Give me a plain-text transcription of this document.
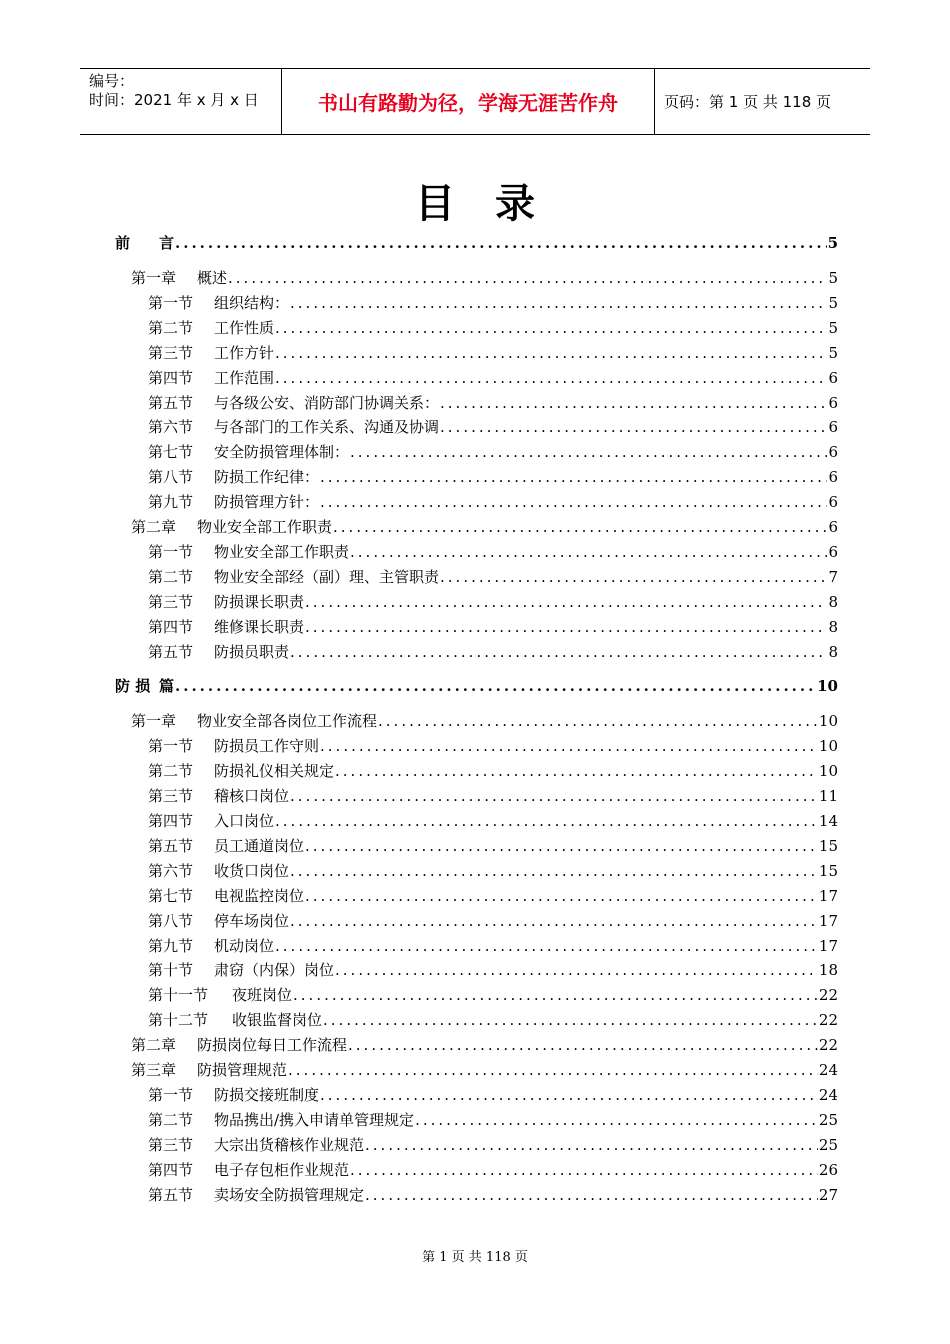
编号：
时间：2021 年 x 月 x 日	书山有路勤为径，学海无涯苦作舟	页码：第 1 页 共 118 页
目录
前 言 .....	5
第一章 概述 .....	5
第一节 组织结构： .....	5
第二节 工作性质 .....	5
第三节 工作方针 .....	5
第四节 工作范围 .....	6
第五节 与各级公安、消防部门协调关系： .....	6
第六节 与各部门的工作关系、沟通及协调 .....	6
第七节 安全防损管理体制： .....	6
第八节 防损工作纪律： .....	6
第九节 防损管理方针： .....	6
第二章 物业安全部工作职责 .....	6
第一节 物业安全部工作职责 .....	6
第二节 物业安全部经（副）理、主管职责 .....	7
第三节 防损课长职责 .....	8
第四节 维修课长职责 .....	8
第五节 防损员职责 .....	8
防 损 篇 .....	10
第一章 物业安全部各岗位工作流程 .....	10
第一节 防损员工作守则 .....	10
第二节 防损礼仪相关规定 .....	10
第三节 稽核口岗位 .....	11
第四节 入口岗位 .....	14
第五节 员工通道岗位 .....	15
第六节 收货口岗位 .....	15
第七节 电视监控岗位 .....	17
第八节 停车场岗位 .....	17
第九节 机动岗位 .....	17
第十节 肃窃（内保）岗位 .....	18
第十一节 夜班岗位 .....	22
第十二节 收银监督岗位 .....	22
第二章 防损岗位每日工作流程 .....	22
第三章 防损管理规范 .....	24
第一节 防损交接班制度 .....	24
第二节 物品携出/携入申请单管理规定 .....	25
第三节 大宗出货稽核作业规范 .....	25
第四节 电子存包柜作业规范 .....	26
第五节 卖场安全防损管理规定 .....	27
第 1 页 共 118 页
